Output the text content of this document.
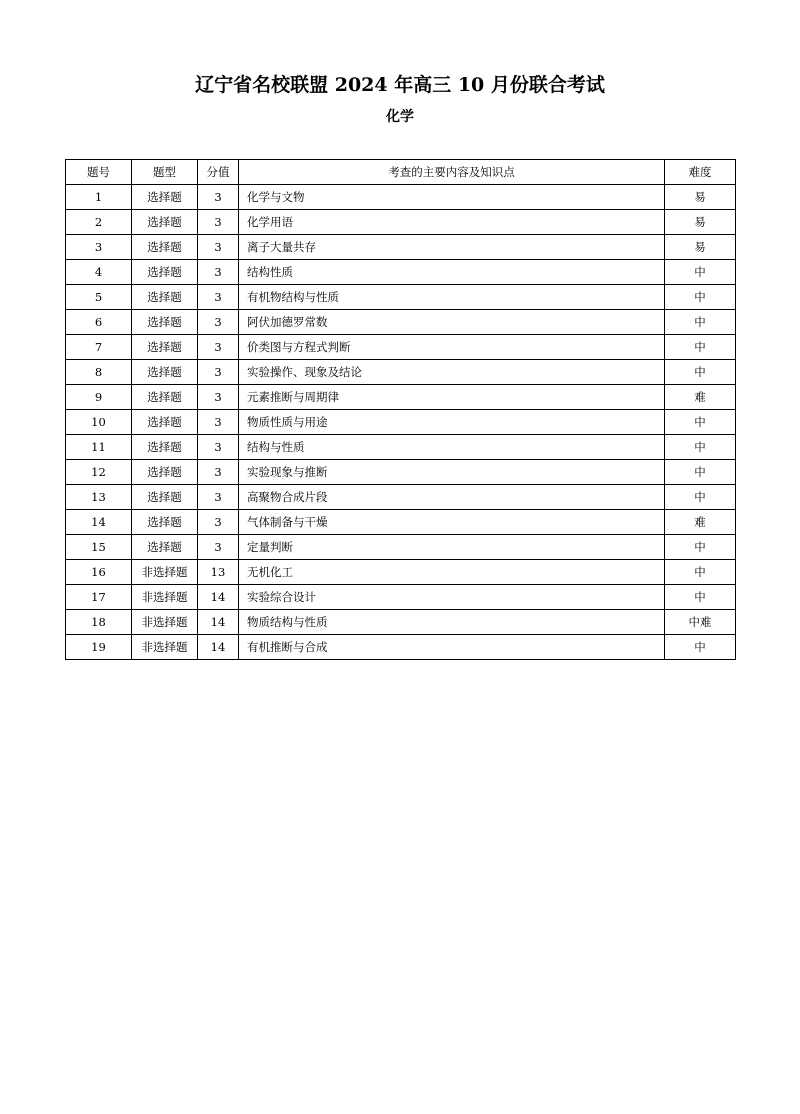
辽宁省名校联盟 2024 年高三 10 月份联合考试
化学
题号	题型	分值	考查的主要内容及知识点	难度
1	选择题	3	化学与文物	易
2	选择题	3	化学用语	易
3	选择题	3	离子大量共存	易
4	选择题	3	结构性质	中
5	选择题	3	有机物结构与性质	中
6	选择题	3	阿伏加德罗常数	中
7	选择题	3	价类图与方程式判断	中
8	选择题	3	实验操作、现象及结论	中
9	选择题	3	元素推断与周期律	难
10	选择题	3	物质性质与用途	中
11	选择题	3	结构与性质	中
12	选择题	3	实验现象与推断	中
13	选择题	3	高聚物合成片段	中
14	选择题	3	气体制备与干燥	难
15	选择题	3	定量判断	中
16	非选择题	13	无机化工	中
17	非选择题	14	实验综合设计	中
18	非选择题	14	物质结构与性质	中难
19	非选择题	14	有机推断与合成	中
